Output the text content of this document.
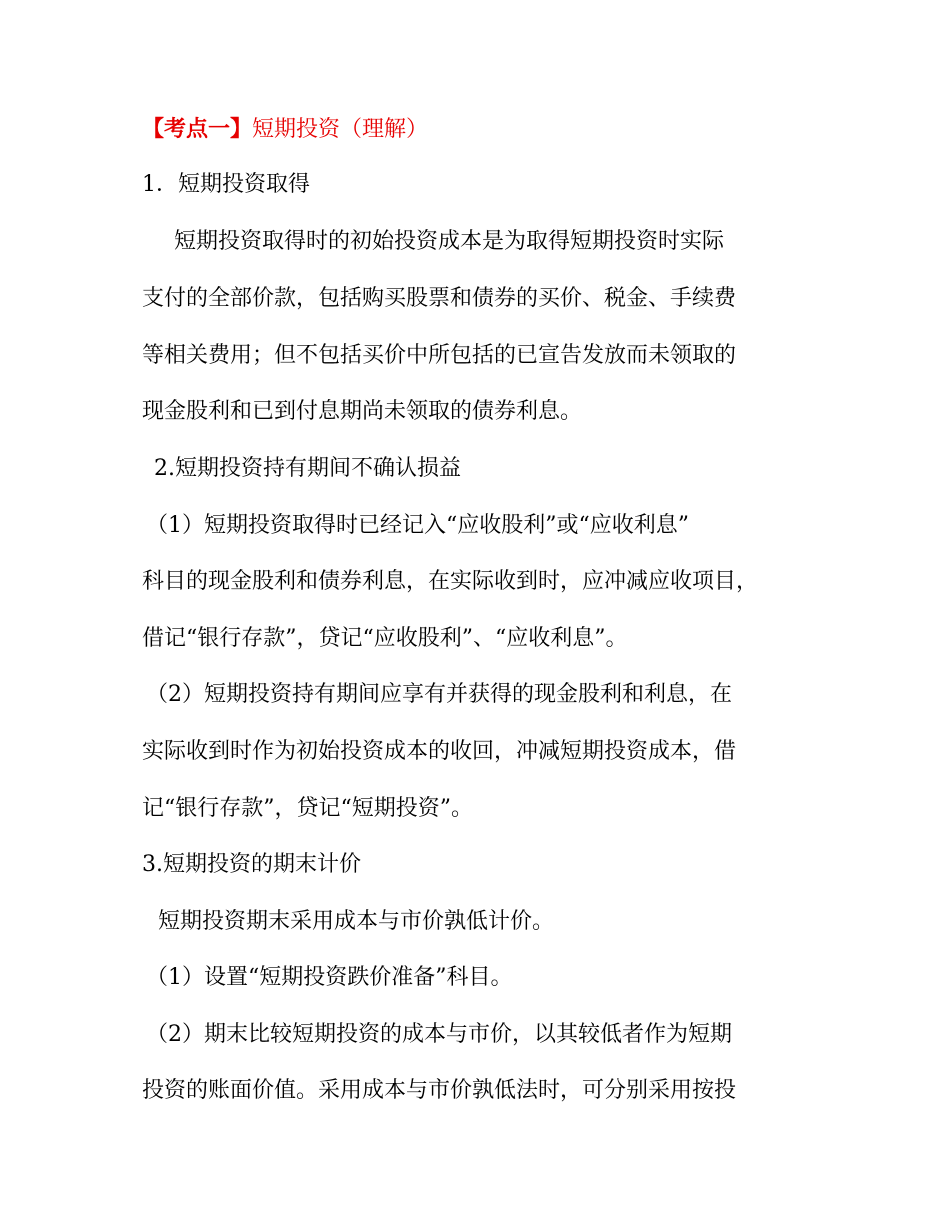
【考点一】短期投资（理解）

1．短期投资取得

短期投资取得时的初始投资成本是为取得短期投资时实际

支付的全部价款，包括购买股票和债券的买价、税金、手续费

等相关费用；但不包括买价中所包括的已宣告发放而未领取的

现金股利和已到付息期尚未领取的债券利息。

2.短期投资持有期间不确认损益

（1）短期投资取得时已经记入“应收股利”或“应收利息”

科目的现金股利和债券利息，在实际收到时，应冲减应收项目，

借记“银行存款”，贷记“应收股利”、“应收利息”。

（2）短期投资持有期间应享有并获得的现金股利和利息，在

实际收到时作为初始投资成本的收回，冲减短期投资成本，借

记“银行存款”，贷记“短期投资”。

3.短期投资的期末计价

短期投资期末采用成本与市价孰低计价。

（1）设置“短期投资跌价准备”科目。

（2）期末比较短期投资的成本与市价，以其较低者作为短期

投资的账面价值。采用成本与市价孰低法时，可分别采用按投
